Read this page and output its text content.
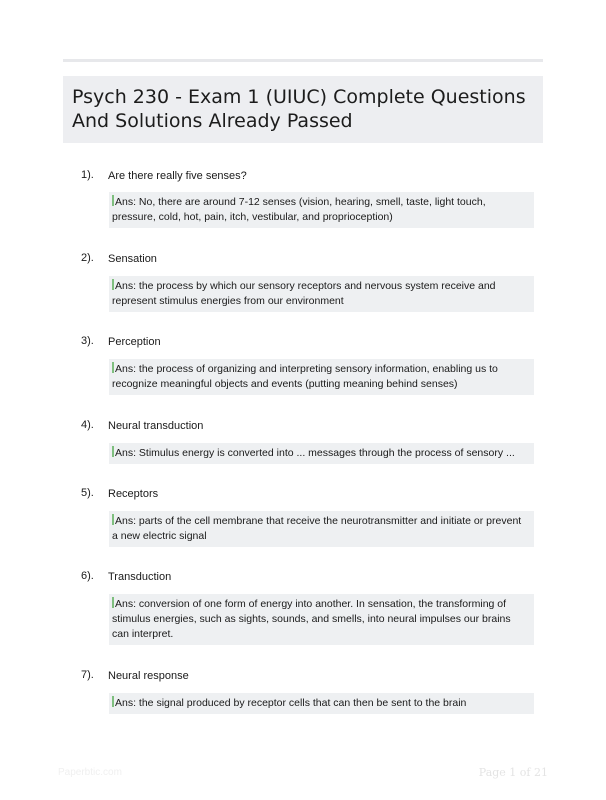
Psych 230 - Exam 1 (UIUC) Complete Questions And Solutions Already Passed
1). Are there really five senses?
Ans: No, there are around 7-12 senses (vision, hearing, smell, taste, light touch, pressure, cold, hot, pain, itch, vestibular, and proprioception)
2). Sensation
Ans: the process by which our sensory receptors and nervous system receive and represent stimulus energies from our environment
3). Perception
Ans: the process of organizing and interpreting sensory information, enabling us to recognize meaningful objects and events (putting meaning behind senses)
4). Neural transduction
Ans: Stimulus energy is converted into ... messages through the process of sensory ...
5). Receptors
Ans: parts of the cell membrane that receive the neurotransmitter and initiate or prevent a new electric signal
6). Transduction
Ans: conversion of one form of energy into another. In sensation, the transforming of stimulus energies, such as sights, sounds, and smells, into neural impulses our brains can interpret.
7). Neural response
Ans: the signal produced by receptor cells that can then be sent to the brain
Paperbtic.com	Page 1 of 21
